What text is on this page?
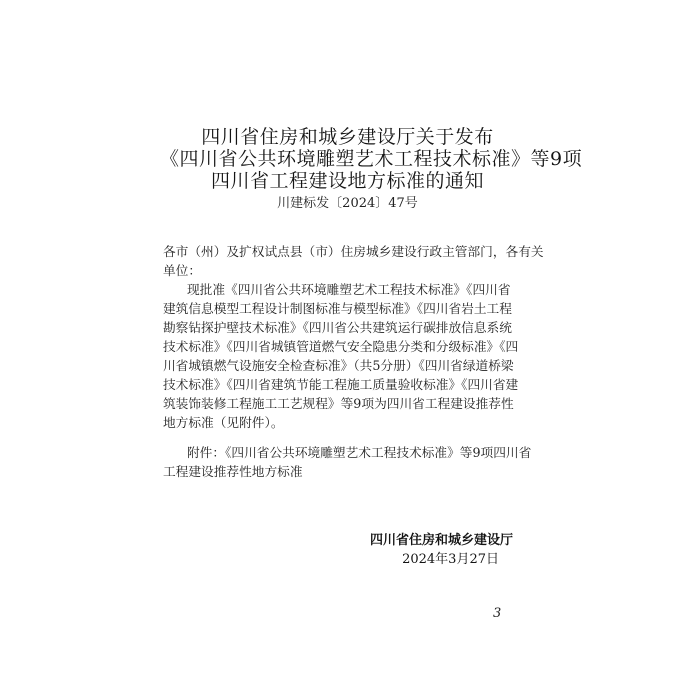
四川省住房和城乡建设厅关于发布
《四川省公共环境雕塑艺术工程技术标准》等9项
四川省工程建设地方标准的通知
川建标发〔2024〕47号
各市（州）及扩权试点县（市）住房城乡建设行政主管部门，各有关
单位：
现批准《四川省公共环境雕塑艺术工程技术标准》《四川省
建筑信息模型工程设计制图标准与模型标准》《四川省岩土工程
勘察钻探护壁技术标准》《四川省公共建筑运行碳排放信息系统
技术标准》《四川省城镇管道燃气安全隐患分类和分级标准》《四
川省城镇燃气设施安全检查标准》（共5分册）《四川省绿道桥梁
技术标准》《四川省建筑节能工程施工质量验收标准》《四川省建
筑装饰装修工程施工工艺规程》等9项为四川省工程建设推荐性
地方标准（见附件）。
附件：《四川省公共环境雕塑艺术工程技术标准》等9项四川省
工程建设推荐性地方标准
四川省住房和城乡建设厅
2024年3月27日
3
